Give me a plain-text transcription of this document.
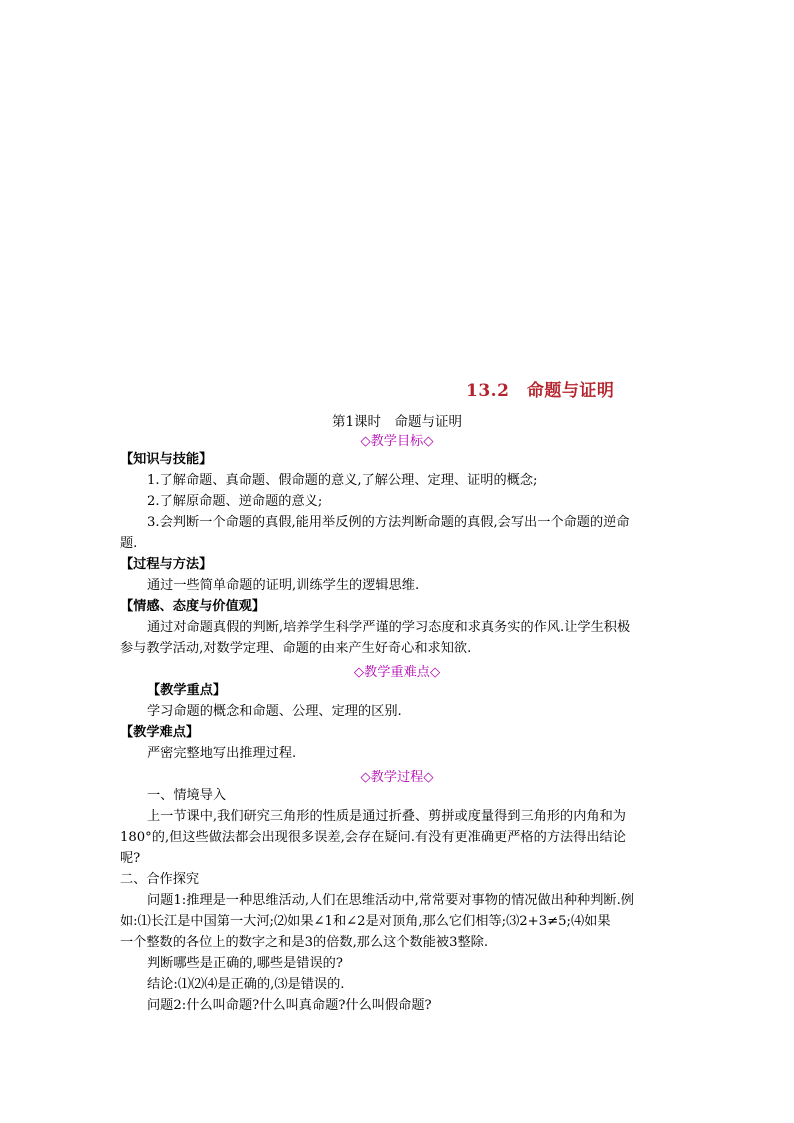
13.2　命题与证明
第1课时　命题与证明
◇教学目标◇
【知识与技能】
1.了解命题、真命题、假命题的意义,了解公理、定理、证明的概念;
2.了解原命题、逆命题的意义;
3.会判断一个命题的真假,能用举反例的方法判断命题的真假,会写出一个命题的逆命
题.
【过程与方法】
通过一些简单命题的证明,训练学生的逻辑思维.
【情感、态度与价值观】
通过对命题真假的判断,培养学生科学严谨的学习态度和求真务实的作风.让学生积极
参与教学活动,对数学定理、命题的由来产生好奇心和求知欲.
◇教学重难点◇
【教学重点】
学习命题的概念和命题、公理、定理的区别.
【教学难点】
严密完整地写出推理过程.
◇教学过程◇
一、情境导入
上一节课中,我们研究三角形的性质是通过折叠、剪拼或度量得到三角形的内角和为
180°的,但这些做法都会出现很多误差,会存在疑问.有没有更准确更严格的方法得出结论
呢?
二、合作探究
问题1:推理是一种思维活动,人们在思维活动中,常常要对事物的情况做出种种判断.例
如:⑴长江是中国第一大河;⑵如果∠1和∠2是对顶角,那么它们相等;⑶2+3≠5;⑷如果
一个整数的各位上的数字之和是3的倍数,那么这个数能被3整除.
判断哪些是正确的,哪些是错误的?
结论:⑴⑵⑷是正确的,⑶是错误的.
问题2:什么叫命题?什么叫真命题?什么叫假命题?
